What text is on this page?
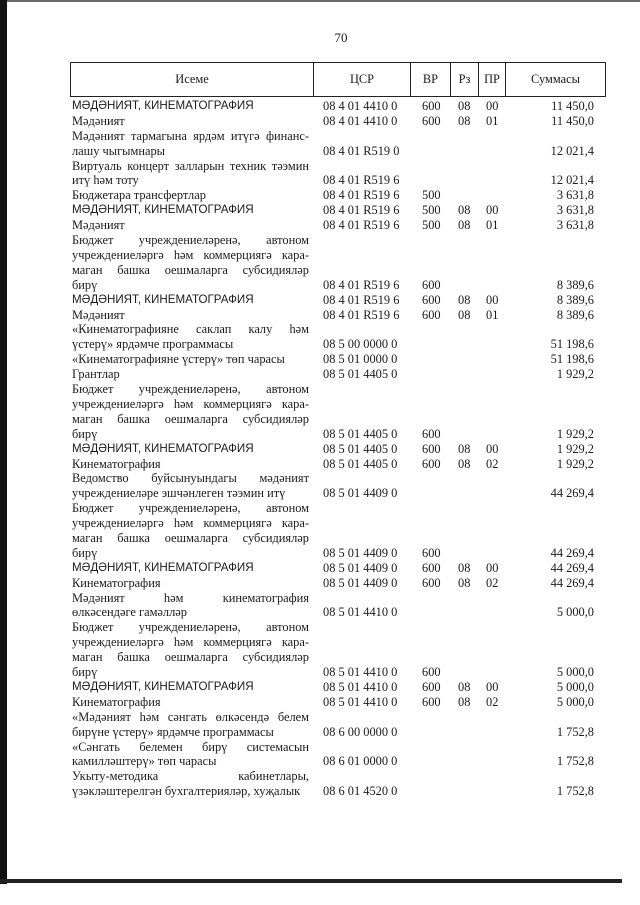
70
Исеме	ЦСР	ВР	Рз	ПР	Суммасы
МӘДӘНИЯТ, КИНЕМАТОГРАФИЯ	08 4 01 4410 0	600	08	00	11 450,0
Мәдәният	08 4 01 4410 0	600	08	01	11 450,0
Мәдәният тармагына ярдәм итүгә финанс-
лашу чыгымнары	08 4 01 R519 0	12 021,4
Виртуаль концерт залларын техник тәэмин
итү һәм тоту	08 4 01 R519 6	12 021,4
Бюджетара трансфертлар	08 4 01 R519 6	500	3 631,8
МӘДӘНИЯТ, КИНЕМАТОГРАФИЯ	08 4 01 R519 6	500	08	00	3 631,8
Мәдәният	08 4 01 R519 6	500	08	01	3 631,8
Бюджет учреждениеләренә, автоном
учреждениеләргә һәм коммерциягә кара-
маган башка оешмаларга субсидияләр
бирү	08 4 01 R519 6	600	8 389,6
МӘДӘНИЯТ, КИНЕМАТОГРАФИЯ	08 4 01 R519 6	600	08	00	8 389,6
Мәдәният	08 4 01 R519 6	600	08	01	8 389,6
«Кинематографияне саклап калу һәм
үстерү» ярдәмче программасы	08 5 00 0000 0	51 198,6
«Кинематографияне үстерү» төп чарасы	08 5 01 0000 0	51 198,6
Грантлар	08 5 01 4405 0	1 929,2
Бюджет учреждениеләренә, автоном
учреждениеләргә һәм коммерциягә кара-
маган башка оешмаларга субсидияләр
бирү	08 5 01 4405 0	600	1 929,2
МӘДӘНИЯТ, КИНЕМАТОГРАФИЯ	08 5 01 4405 0	600	08	00	1 929,2
Кинематография	08 5 01 4405 0	600	08	02	1 929,2
Ведомство буйсынуындагы мәдәният
учреждениеләре эшчәнлеген тәэмин итү	08 5 01 4409 0	44 269,4
Бюджет учреждениеләренә, автоном
учреждениеләргә һәм коммерциягә кара-
маган башка оешмаларга субсидияләр
бирү	08 5 01 4409 0	600	44 269,4
МӘДӘНИЯТ, КИНЕМАТОГРАФИЯ	08 5 01 4409 0	600	08	00	44 269,4
Кинематография	08 5 01 4409 0	600	08	02	44 269,4
Мәдәният һәм кинематография
өлкәсендәге гамәлләр	08 5 01 4410 0	5 000,0
Бюджет учреждениеләренә, автоном
учреждениеләргә һәм коммерциягә кара-
маган башка оешмаларга субсидияләр
бирү	08 5 01 4410 0	600	5 000,0
МӘДӘНИЯТ, КИНЕМАТОГРАФИЯ	08 5 01 4410 0	600	08	00	5 000,0
Кинематография	08 5 01 4410 0	600	08	02	5 000,0
«Мәдәният һәм сәнгать өлкәсендә белем
бирүне үстерү» ярдәмче программасы	08 6 00 0000 0	1 752,8
«Сәнгать белемен бирү системасын
камилләштерү» төп чарасы	08 6 01 0000 0	1 752,8
Укыту-методика кабинетлары,
үзәкләштерелгән бухгалтерияләр, хуҗалык	08 6 01 4520 0	1 752,8
